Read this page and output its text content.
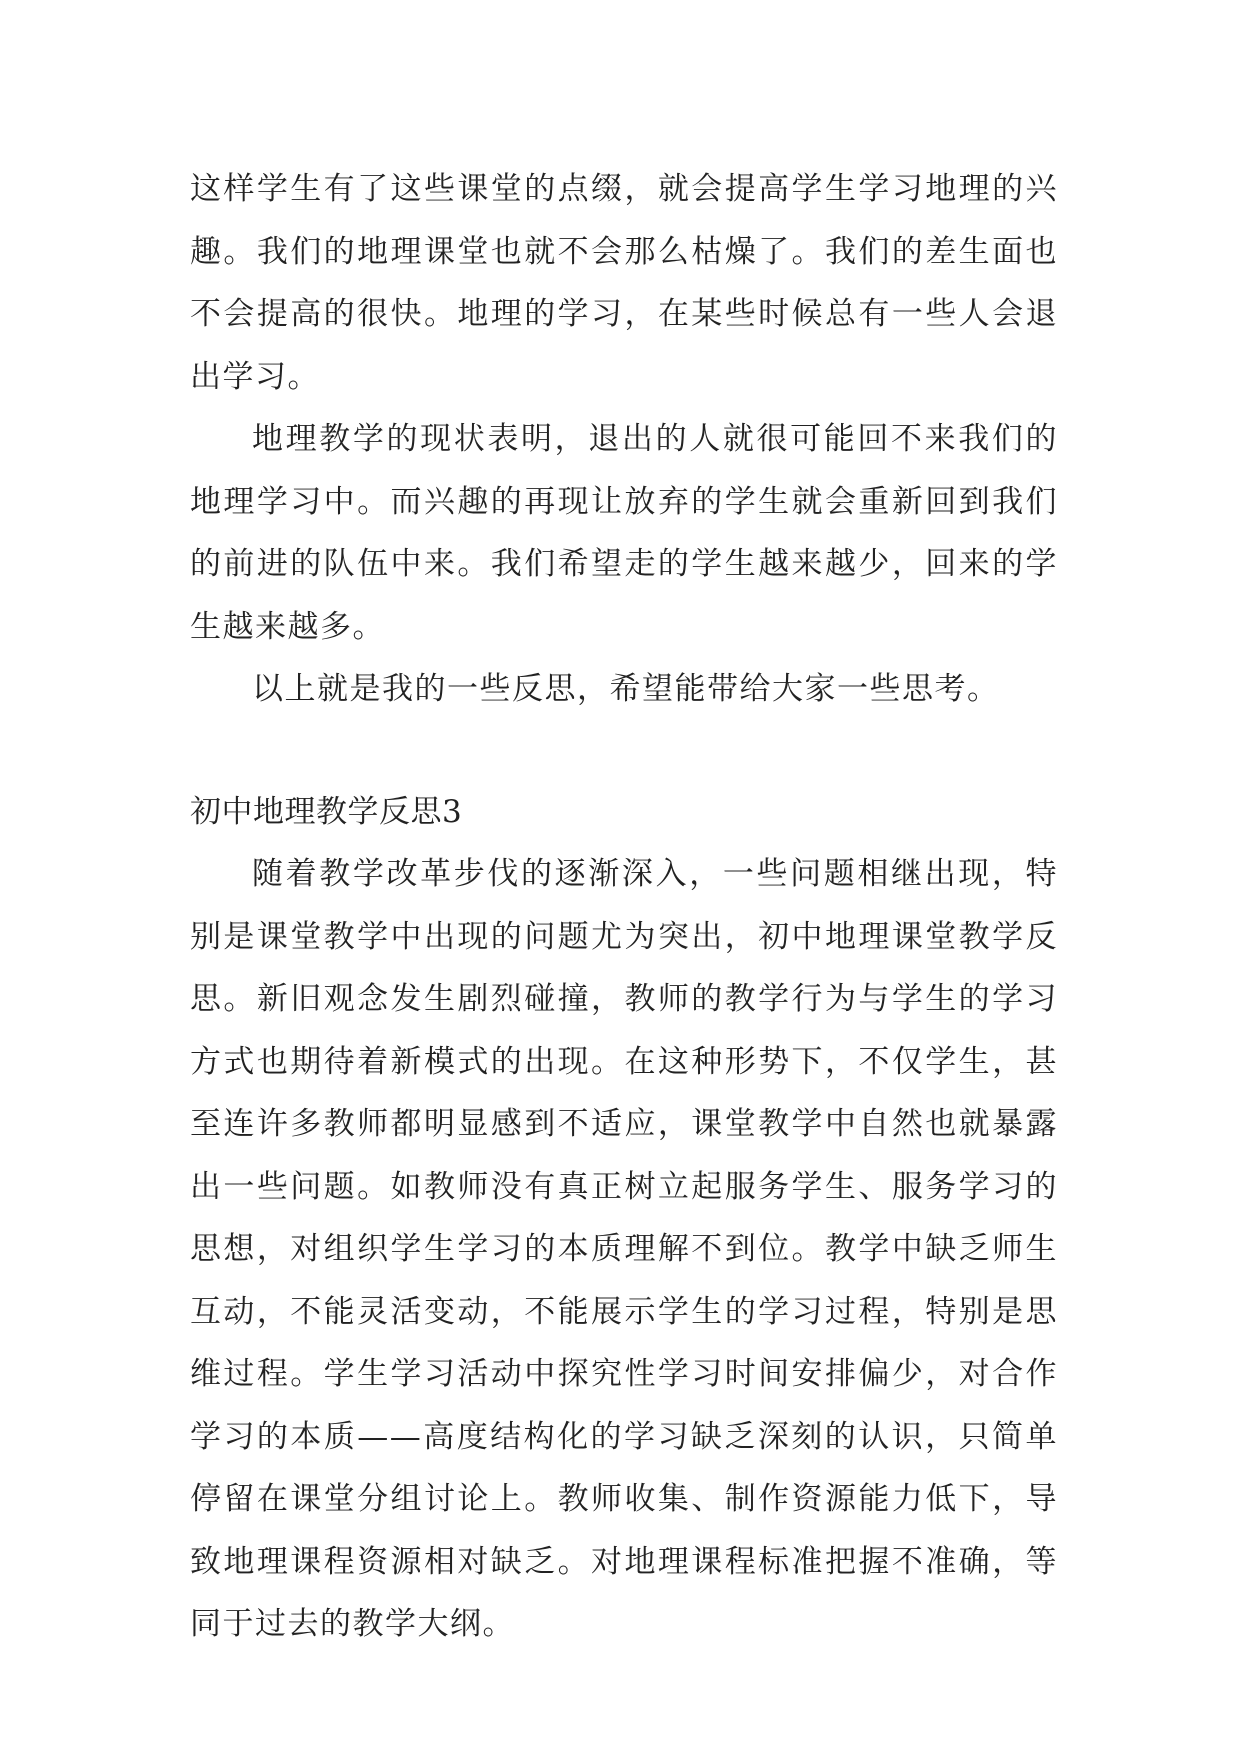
这样学生有了这些课堂的点缀，就会提高学生学习地理的兴趣。我们的地理课堂也就不会那么枯燥了。我们的差生面也不会提高的很快。地理的学习，在某些时候总有一些人会退出学习。

地理教学的现状表明，退出的人就很可能回不来我们的地理学习中。而兴趣的再现让放弃的学生就会重新回到我们的前进的队伍中来。我们希望走的学生越来越少，回来的学生越来越多。

以上就是我的一些反思，希望能带给大家一些思考。

初中地理教学反思3

随着教学改革步伐的逐渐深入，一些问题相继出现，特别是课堂教学中出现的问题尤为突出，初中地理课堂教学反思。新旧观念发生剧烈碰撞，教师的教学行为与学生的学习方式也期待着新模式的出现。在这种形势下，不仅学生，甚至连许多教师都明显感到不适应，课堂教学中自然也就暴露出一些问题。如教师没有真正树立起服务学生、服务学习的思想，对组织学生学习的本质理解不到位。教学中缺乏师生互动，不能灵活变动，不能展示学生的学习过程，特别是思维过程。学生学习活动中探究性学习时间安排偏少，对合作学习的本质——高度结构化的学习缺乏深刻的认识，只简单停留在课堂分组讨论上。教师收集、制作资源能力低下，导致地理课程资源相对缺乏。对地理课程标准把握不准确，等同于过去的教学大纲。
